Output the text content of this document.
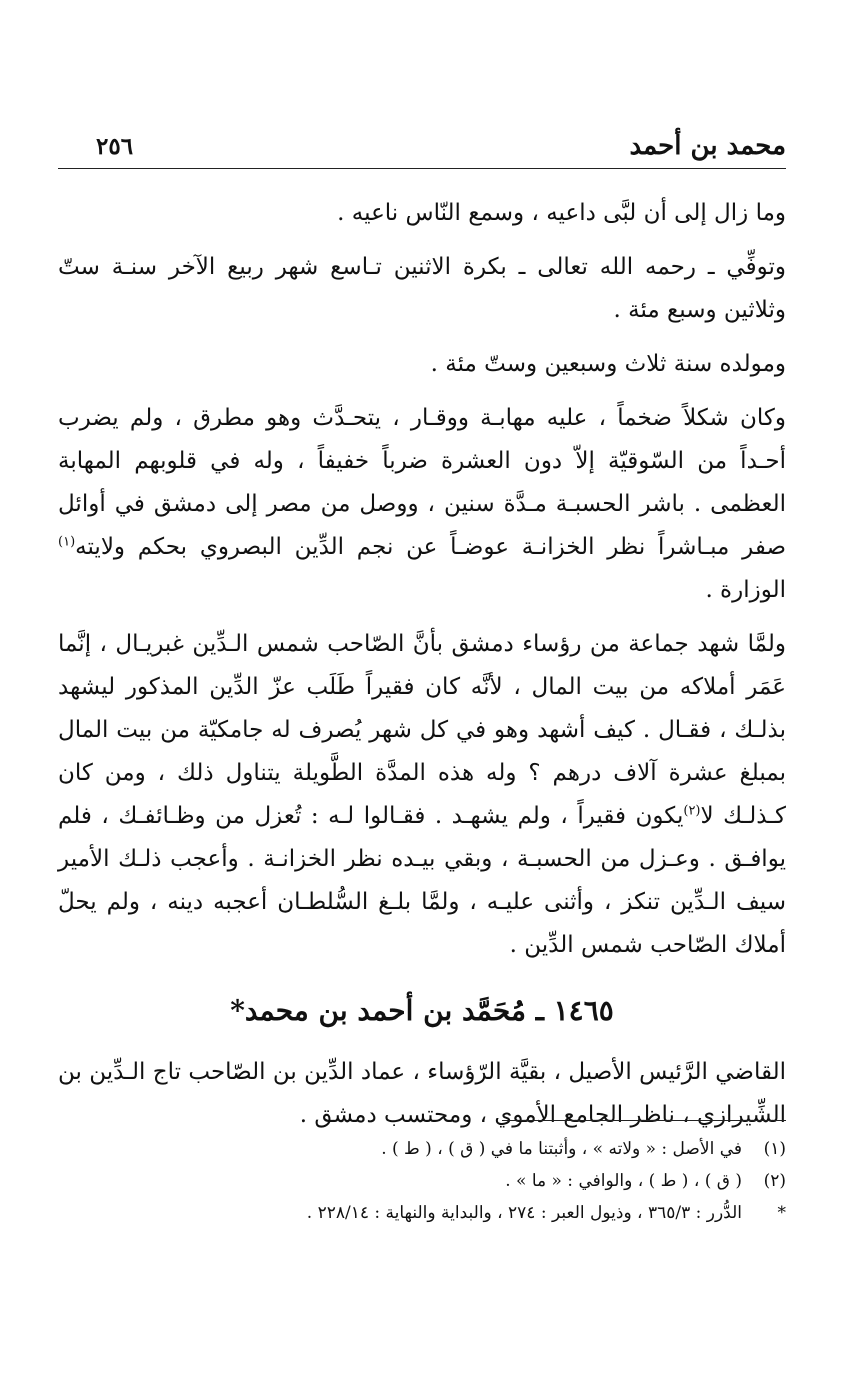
محمد بن أحمد
٢٥٦

وما زال إلى أن لبَّى داعيه ، وسمع النّاس ناعيه .

وتوفِّي ـ رحمه الله تعالى ـ بكرة الاثنين تـاسع شهر ربيع الآخر سنـة ستّ وثلاثين وسبع مئة .

ومولده سنة ثلاث وسبعين وستّ مئة .

وكان شكلاً ضخماً ، عليه مهابـة ووقـار ، يتحـدَّث وهو مطرق ، ولم يضرب أحـداً من السّوقيّة إلاّ دون العشرة ضرباً خفيفاً ، وله في قلوبهم المهابة العظمى . باشر الحسبـة مـدَّة سنين ، ووصل من مصر إلى دمشق في أوائل صفر مبـاشراً نظر الخزانـة عوضـاً عن نجم الدِّين البصروي بحكم ولايته$^{(١)}$ الوزارة .

ولمَّا شهد جماعة من رؤساء دمشق بأنَّ الصّاحب شمس الـدِّين غبريـال ، إنَّما عَمَر أملاكه من بيت المال ، لأنَّه كان فقيراً طَلَب عزّ الدِّين المذكور ليشهد بذلـك ، فقـال . كيف أشهد وهو في كل شهر يُصرف له جامكيّة من بيت المال بمبلغ عشرة آلاف درهم ؟ وله هذه المدَّة الطَّويلة يتناول ذلك ، ومن كان كـذلـك لا$^{(٢)}$يكون فقيراً ، ولم يشهـد . فقـالوا لـه : تُعزل من وظـائفـك ، فلم يوافـق . وعـزل من الحسبـة ، وبقي بيـده نظر الخزانـة . وأعجب ذلـك الأمير سيف الـدِّين تنكز ، وأثنى عليـه ، ولمَّا بلـغ السُّلطـان أعجبه دينه ، ولم يحلّ أملاك الصّاحب شمس الدِّين .

١٤٦٥ ـ مُحَمَّد بن أحمد بن محمد*

القاضي الرَّئيس الأصيل ، بقيَّة الرّؤساء ، عماد الدِّين بن الصّاحب تاج الـدِّين بن الشِّيرازي ، ناظر الجامع الأموي ، ومحتسب دمشق .

(١)
في الأصل : « ولاته » ، وأثبتنا ما في ( ق ) ، ( ط ) .
(٢)
( ق ) ، ( ط ) ، والوافي : « ما » .
*
الدُّرر : ٣٦٥/٣ ، وذيول العبر : ٢٧٤ ، والبداية والنهاية : ٢٢٨/١٤ .
